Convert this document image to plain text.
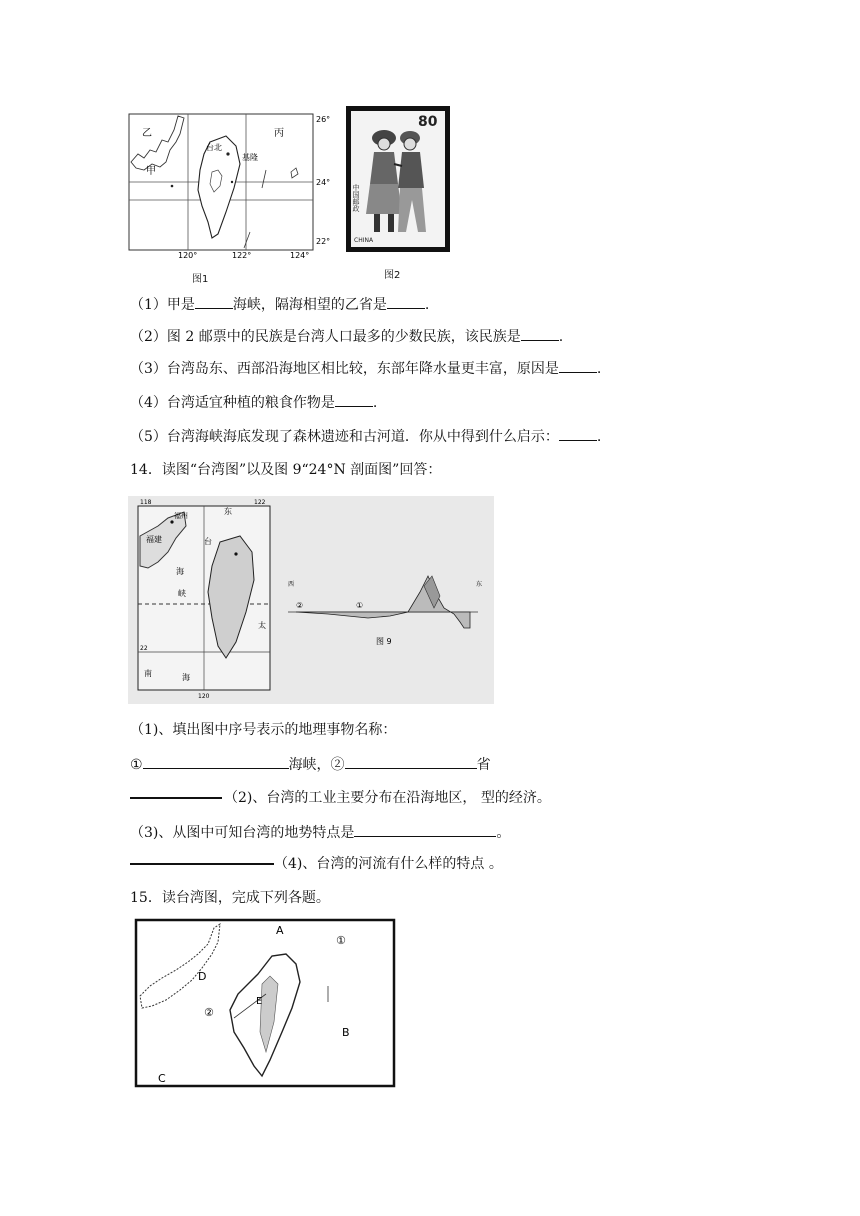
乙
甲
丙
台北
基隆
26°
24°
22°
120°	122°	124°
图1
80
中国邮政
CHINA
图2
（1）甲是	海峡，隔海相望的乙省是	.
（2）图 2 邮票中的民族是台湾人口最多的少数民族，该民族是	.
（3）台湾岛东、西部沿海地区相比较，东部年降水量更丰富，原因是	.
（4）台湾适宜种植的粮食作物是	.
（5）台湾海峡海底发现了森林遗迹和古河道．你从中得到什么启示：	.
14．读图“台湾图”以及图 9“24°N 剖面图”回答：
福州
福建
东
海
峡
台
太
南	海
118	122
120
22
西	东
②	①
图 9
（1)、填出图中序号表示的地理事物名称：
①	海峡，②	省
（2)、台湾的工业主要分布在沿海地区， 型的经济。
（3)、从图中可知台湾的地势特点是	。
（4)、台湾的河流有什么样的特点 。
15．读台湾图，完成下列各题。
A
B
C
D
E
①
②
